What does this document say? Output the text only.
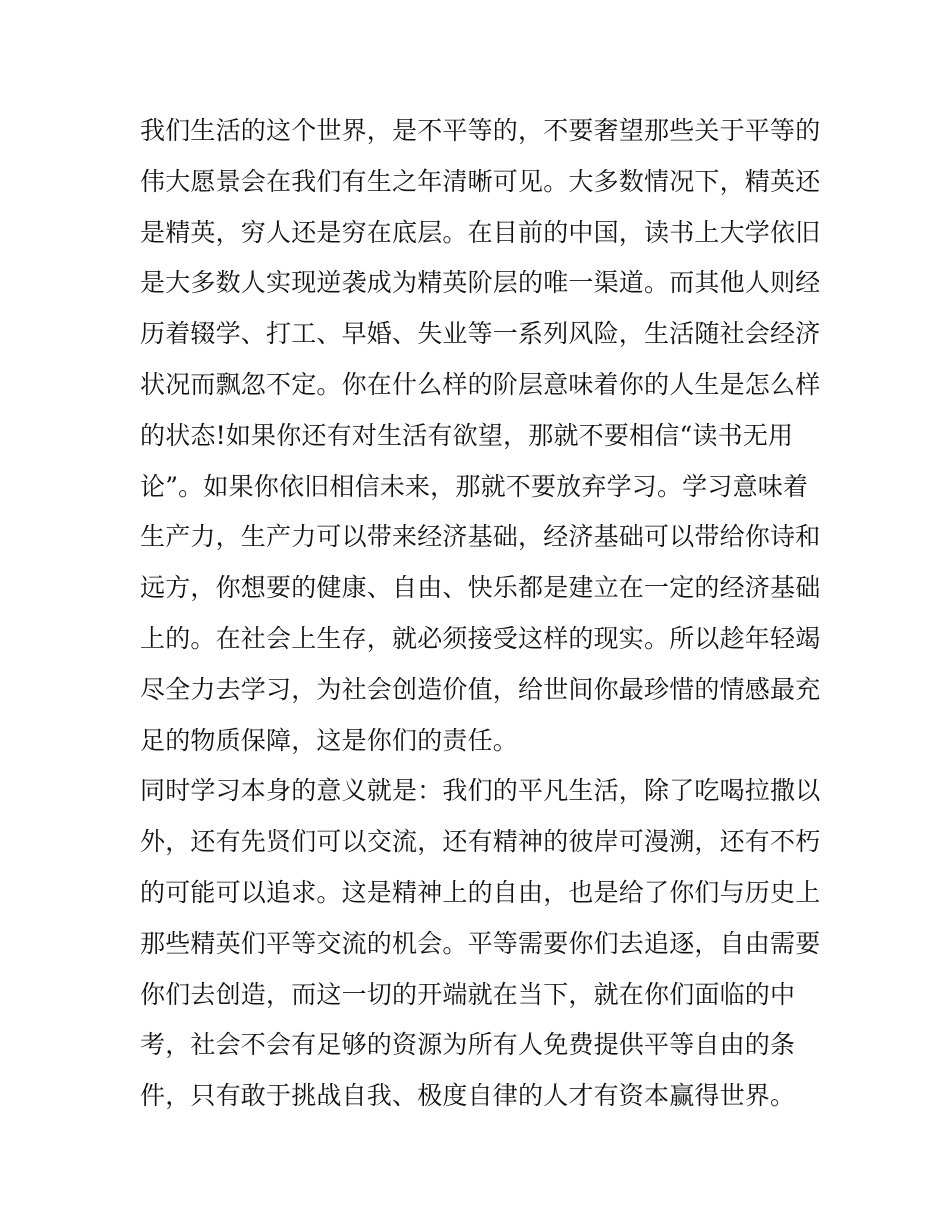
我们生活的这个世界，是不平等的，不要奢望那些关于平等的
伟大愿景会在我们有生之年清晰可见。大多数情况下，精英还
是精英，穷人还是穷在底层。在目前的中国，读书上大学依旧
是大多数人实现逆袭成为精英阶层的唯一渠道。而其他人则经
历着辍学、打工、早婚、失业等一系列风险，生活随社会经济
状况而飘忽不定。你在什么样的阶层意味着你的人生是怎么样
的状态!如果你还有对生活有欲望，那就不要相信“读书无用
论”。如果你依旧相信未来，那就不要放弃学习。学习意味着
生产力，生产力可以带来经济基础，经济基础可以带给你诗和
远方，你想要的健康、自由、快乐都是建立在一定的经济基础
上的。在社会上生存，就必须接受这样的现实。所以趁年轻竭
尽全力去学习，为社会创造价值，给世间你最珍惜的情感最充
足的物质保障，这是你们的责任。
同时学习本身的意义就是：我们的平凡生活，除了吃喝拉撒以
外，还有先贤们可以交流，还有精神的彼岸可漫溯，还有不朽
的可能可以追求。这是精神上的自由，也是给了你们与历史上
那些精英们平等交流的机会。平等需要你们去追逐，自由需要
你们去创造，而这一切的开端就在当下，就在你们面临的中
考，社会不会有足够的资源为所有人免费提供平等自由的条
件，只有敢于挑战自我、极度自律的人才有资本赢得世界。
